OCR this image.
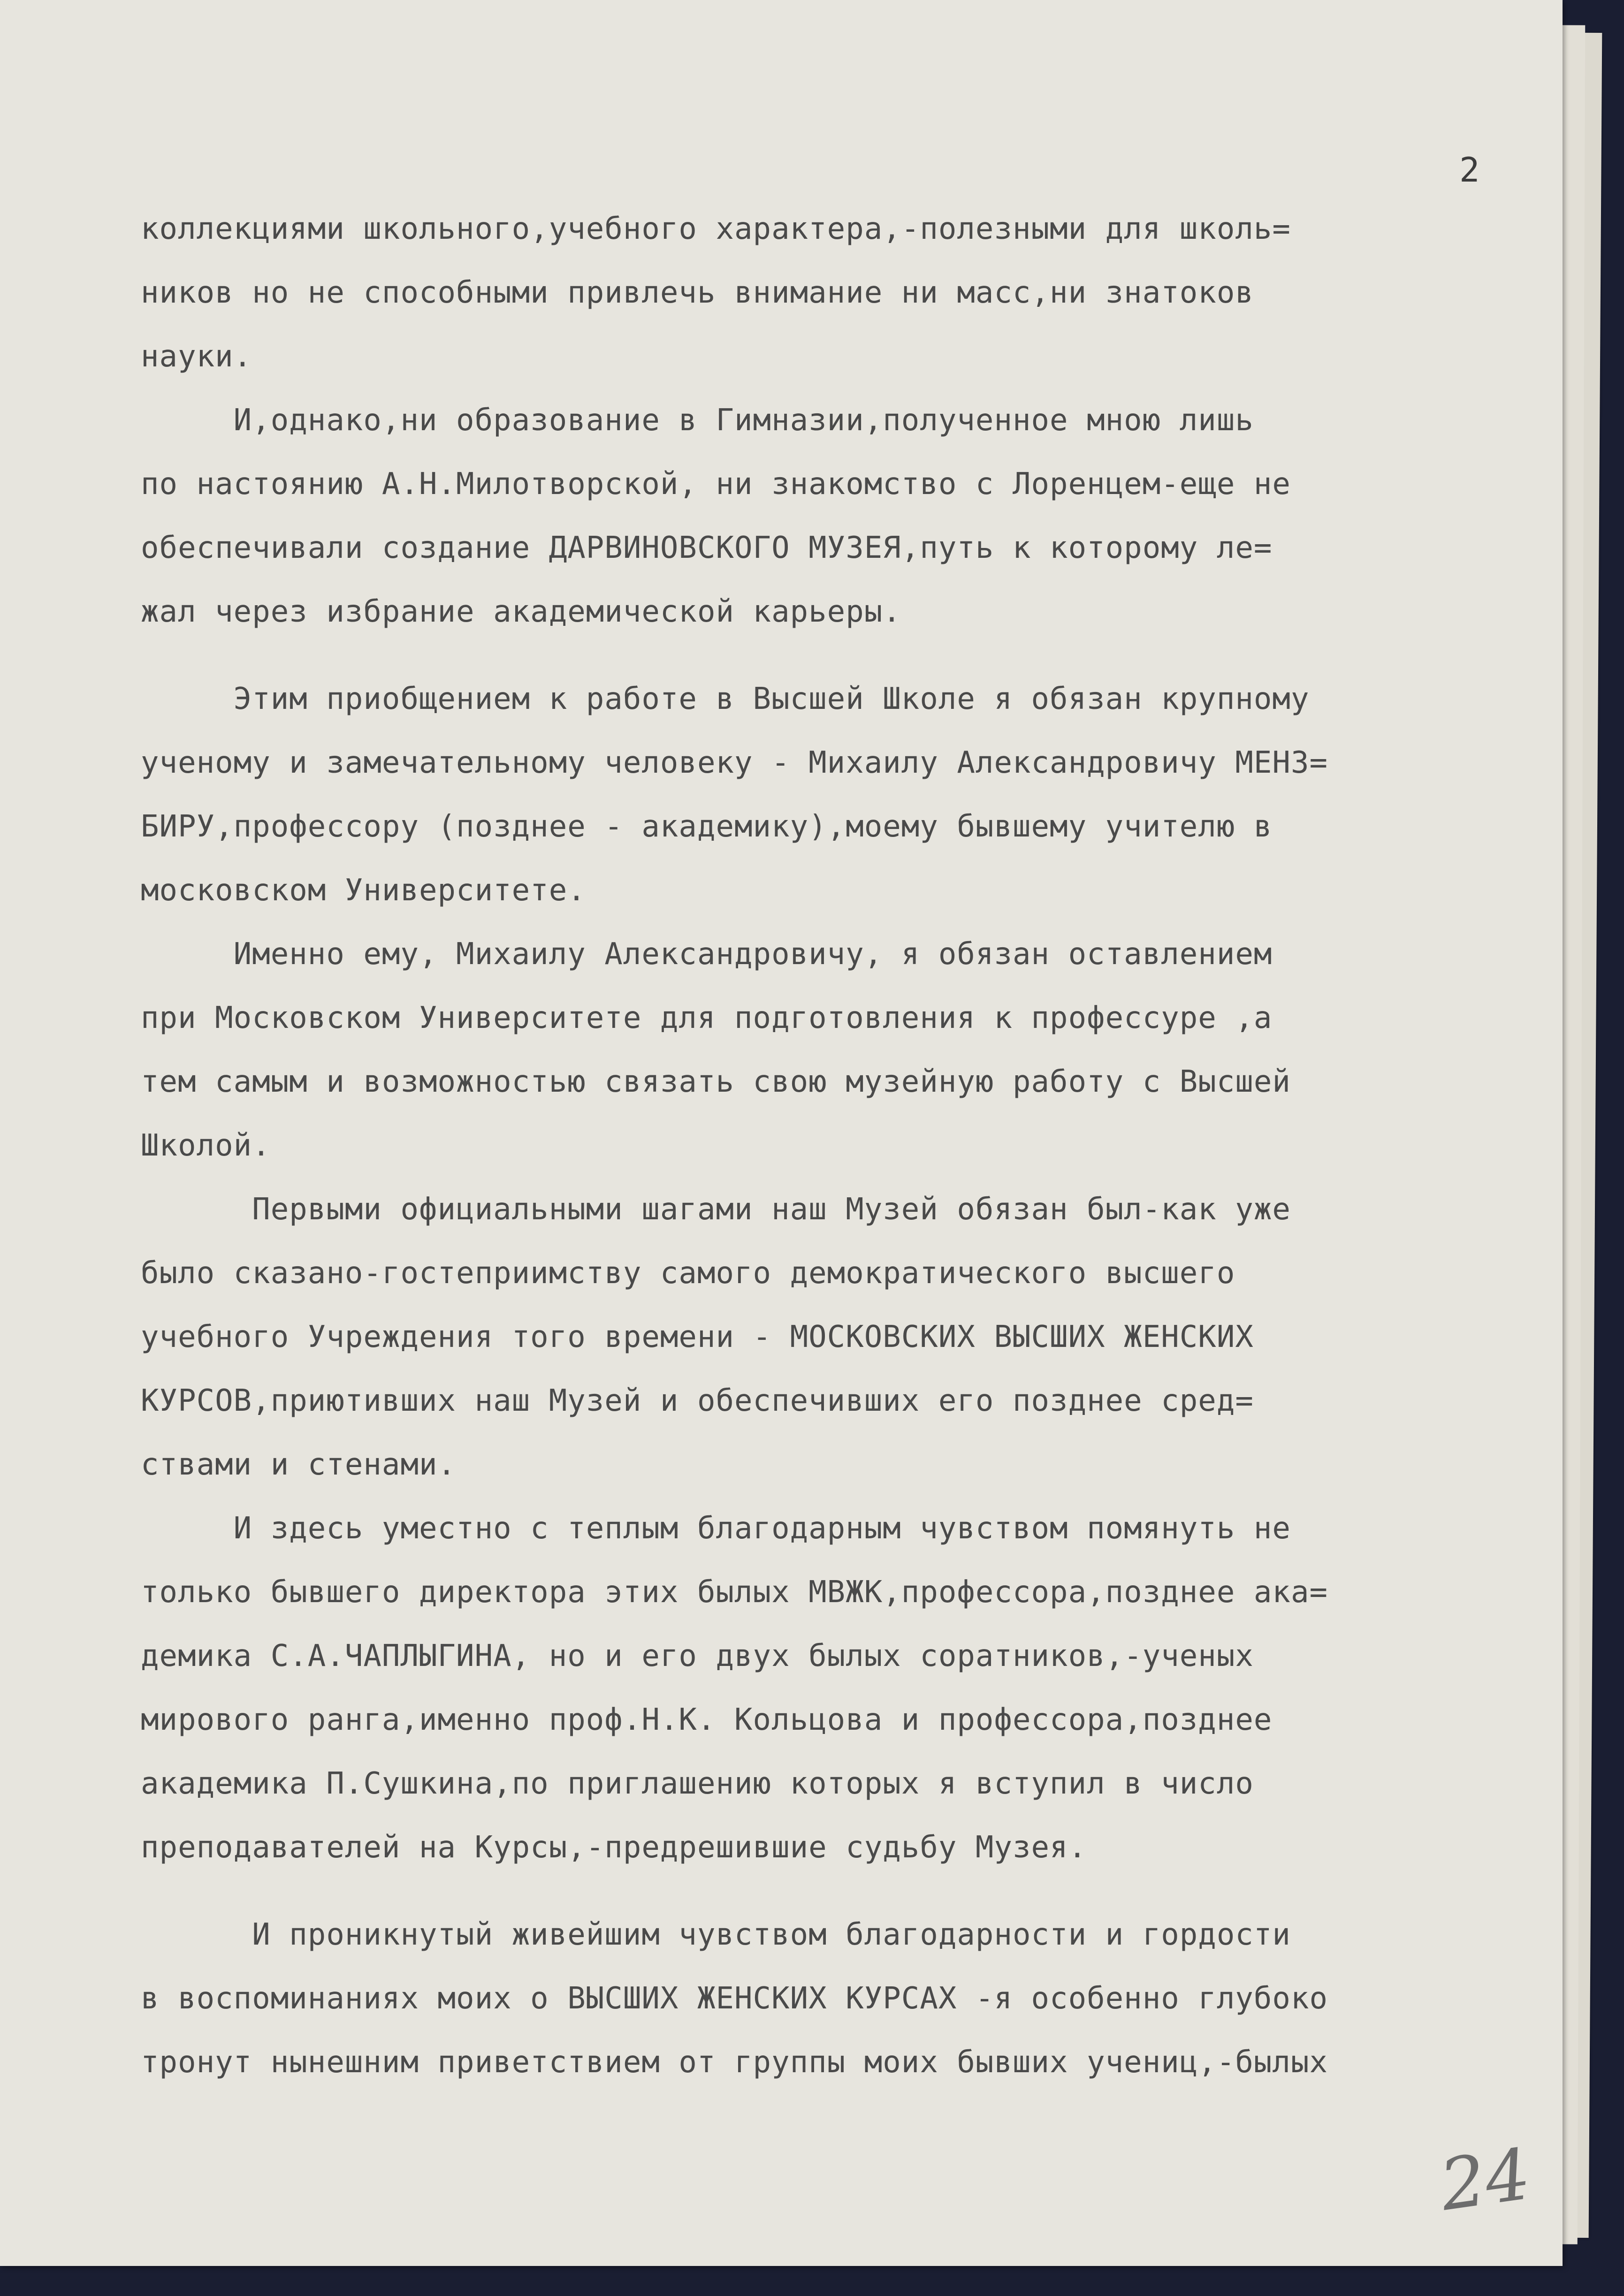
2
коллекциями школьного,учебного характера,-полезными для школь=
ников но не способными привлечь внимание ни масс,ни знатоков
науки.
И,однако,ни образование в Гимназии,полученное мною лишь
по настоянию А.Н.Милотворской, ни знакомство с Лоренцем-еще не
обеспечивали создание ДАРВИНОВСКОГО МУЗЕЯ,путь к которому ле=
жал через избрание академической карьеры.
Этим приобщением к работе в Высшей Школе я обязан крупному
ученому и замечательному человеку - Михаилу Александровичу МЕНЗ=
БИРУ,профессору (позднее - академику),моему бывшему учителю в
московском Университете.
Именно ему, Михаилу Александровичу, я обязан оставлением
при Московском Университете для подготовления к профессуре ,а
тем самым и возможностью связать свою музейную работу с Высшей
Школой.
Первыми официальными шагами наш Музей обязан был-как уже
было сказано-гостеприимству самого демократического высшего
учебного Учреждения того времени - МОСКОВСКИХ ВЫСШИХ ЖЕНСКИХ
КУРСОВ,приютивших наш Музей и обеспечивших его позднее сред=
ствами и стенами.
И здесь уместно с теплым благодарным чувством помянуть не
только бывшего директора этих былых МВЖК,профессора,позднее ака=
демика С.А.ЧАПЛЫГИНА, но и его двух былых соратников,-ученых
мирового ранга,именно проф.Н.К. Кольцова и профессора,позднее
академика П.Сушкина,по приглашению которых я вступил в число
преподавателей на Курсы,-предрешившие судьбу Музея.
И проникнутый живейшим чувством благодарности и гордости
в воспоминаниях моих о ВЫСШИХ ЖЕНСКИХ КУРСАХ -я особенно глубоко
тронут нынешним приветствием от группы моих бывших учениц,-былых
24
